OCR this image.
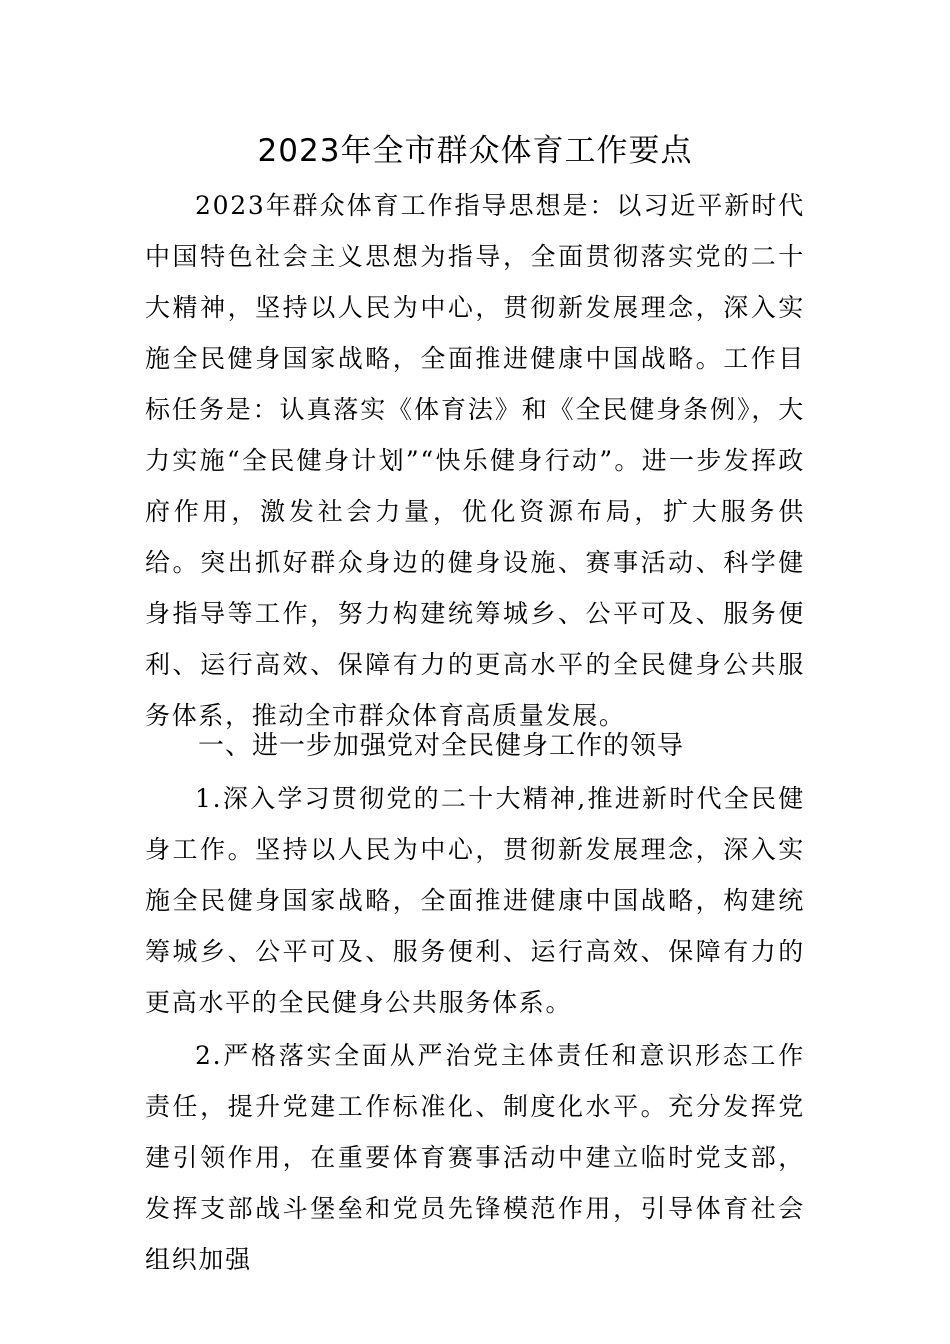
2023年全市群众体育工作要点

2023年群众体育工作指导思想是：以习近平新时代中国特色社会主义思想为指导，全面贯彻落实党的二十大精神，坚持以人民为中心，贯彻新发展理念，深入实施全民健身国家战略，全面推进健康中国战略。工作目标任务是：认真落实《体育法》和《全民健身条例》，大力实施“全民健身计划”“快乐健身行动”。进一步发挥政府作用，激发社会力量，优化资源布局，扩大服务供给。突出抓好群众身边的健身设施、赛事活动、科学健身指导等工作，努力构建统筹城乡、公平可及、服务便利、运行高效、保障有力的更高水平的全民健身公共服务体系，推动全市群众体育高质量发展。

一、进一步加强党对全民健身工作的领导

1.深入学习贯彻党的二十大精神,推进新时代全民健身工作。坚持以人民为中心，贯彻新发展理念，深入实施全民健身国家战略，全面推进健康中国战略，构建统筹城乡、公平可及、服务便利、运行高效、保障有力的更高水平的全民健身公共服务体系。

2.严格落实全面从严治党主体责任和意识形态工作责任，提升党建工作标准化、制度化水平。充分发挥党建引领作用，在重要体育赛事活动中建立临时党支部，发挥支部战斗堡垒和党员先锋模范作用，引导体育社会组织加强
